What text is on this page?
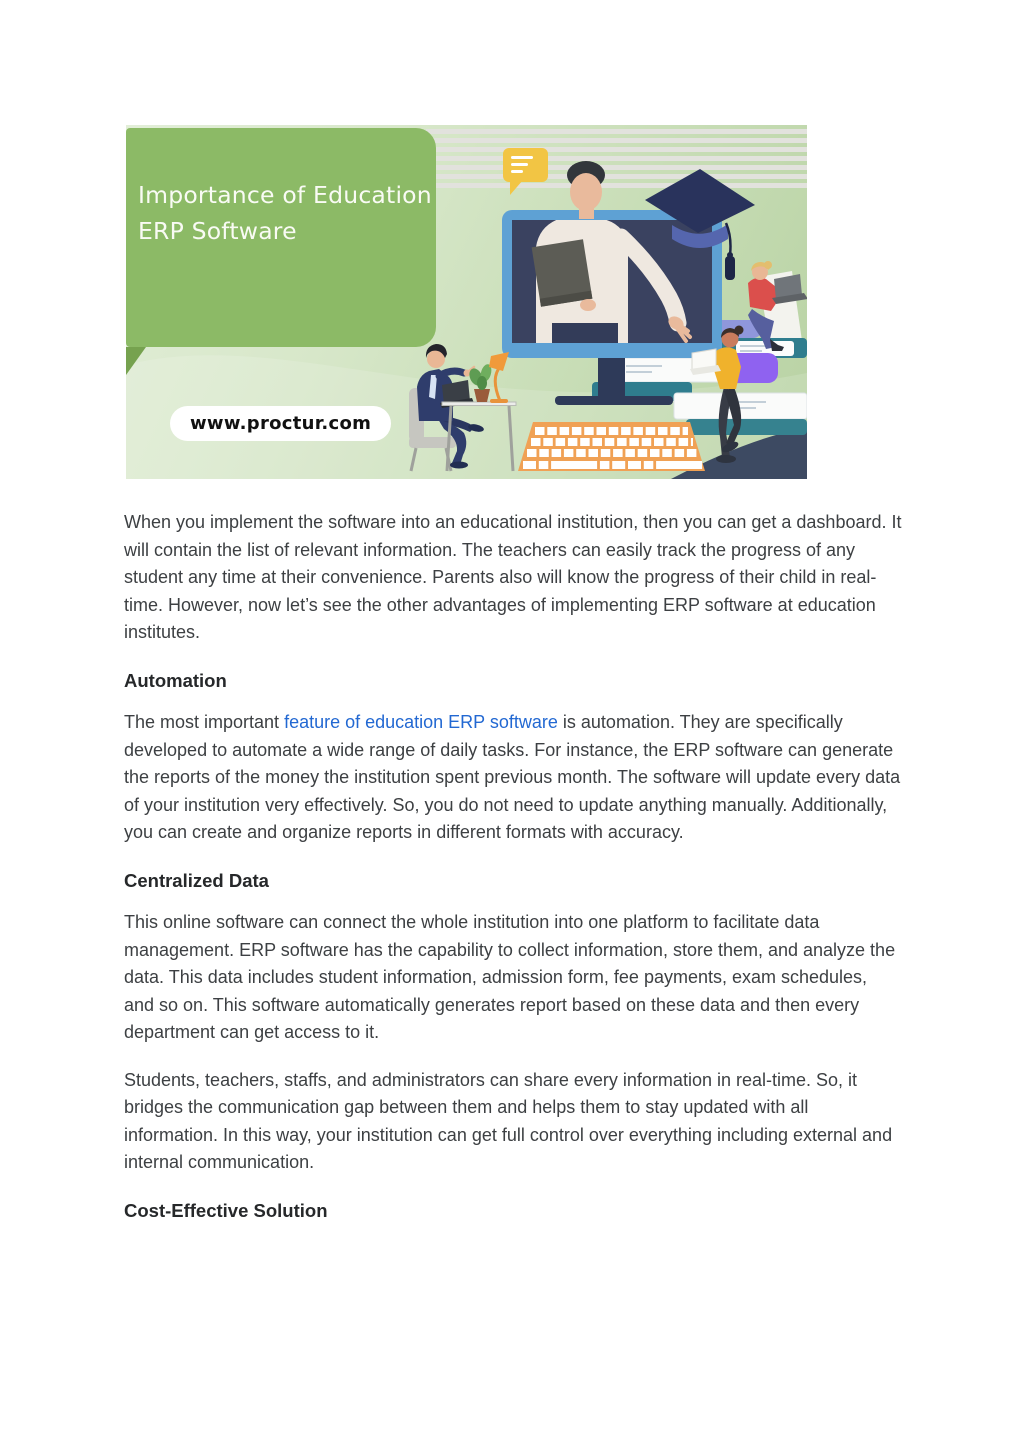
Importance of Education
ERP Software
www.proctur.com

When you implement the software into an educational institution, then you can get a dashboard. It will contain the list of relevant information. The teachers can easily track the progress of any student any time at their convenience. Parents also will know the progress of their child in real-time. However, now let’s see the other advantages of implementing ERP software at education institutes.

Automation

The most important feature of education ERP software is automation. They are specifically developed to automate a wide range of daily tasks. For instance, the ERP software can generate the reports of the money the institution spent previous month. The software will update every data of your institution very effectively. So, you do not need to update anything manually. Additionally, you can create and organize reports in different formats with accuracy.

Centralized Data

This online software can connect the whole institution into one platform to facilitate data management. ERP software has the capability to collect information, store them, and analyze the data. This data includes student information, admission form, fee payments, exam schedules, and so on. This software automatically generates report based on these data and then every department can get access to it.

Students, teachers, staffs, and administrators can share every information in real-time. So, it bridges the communication gap between them and helps them to stay updated with all information. In this way, your institution can get full control over everything including external and internal communication.

Cost-Effective Solution
